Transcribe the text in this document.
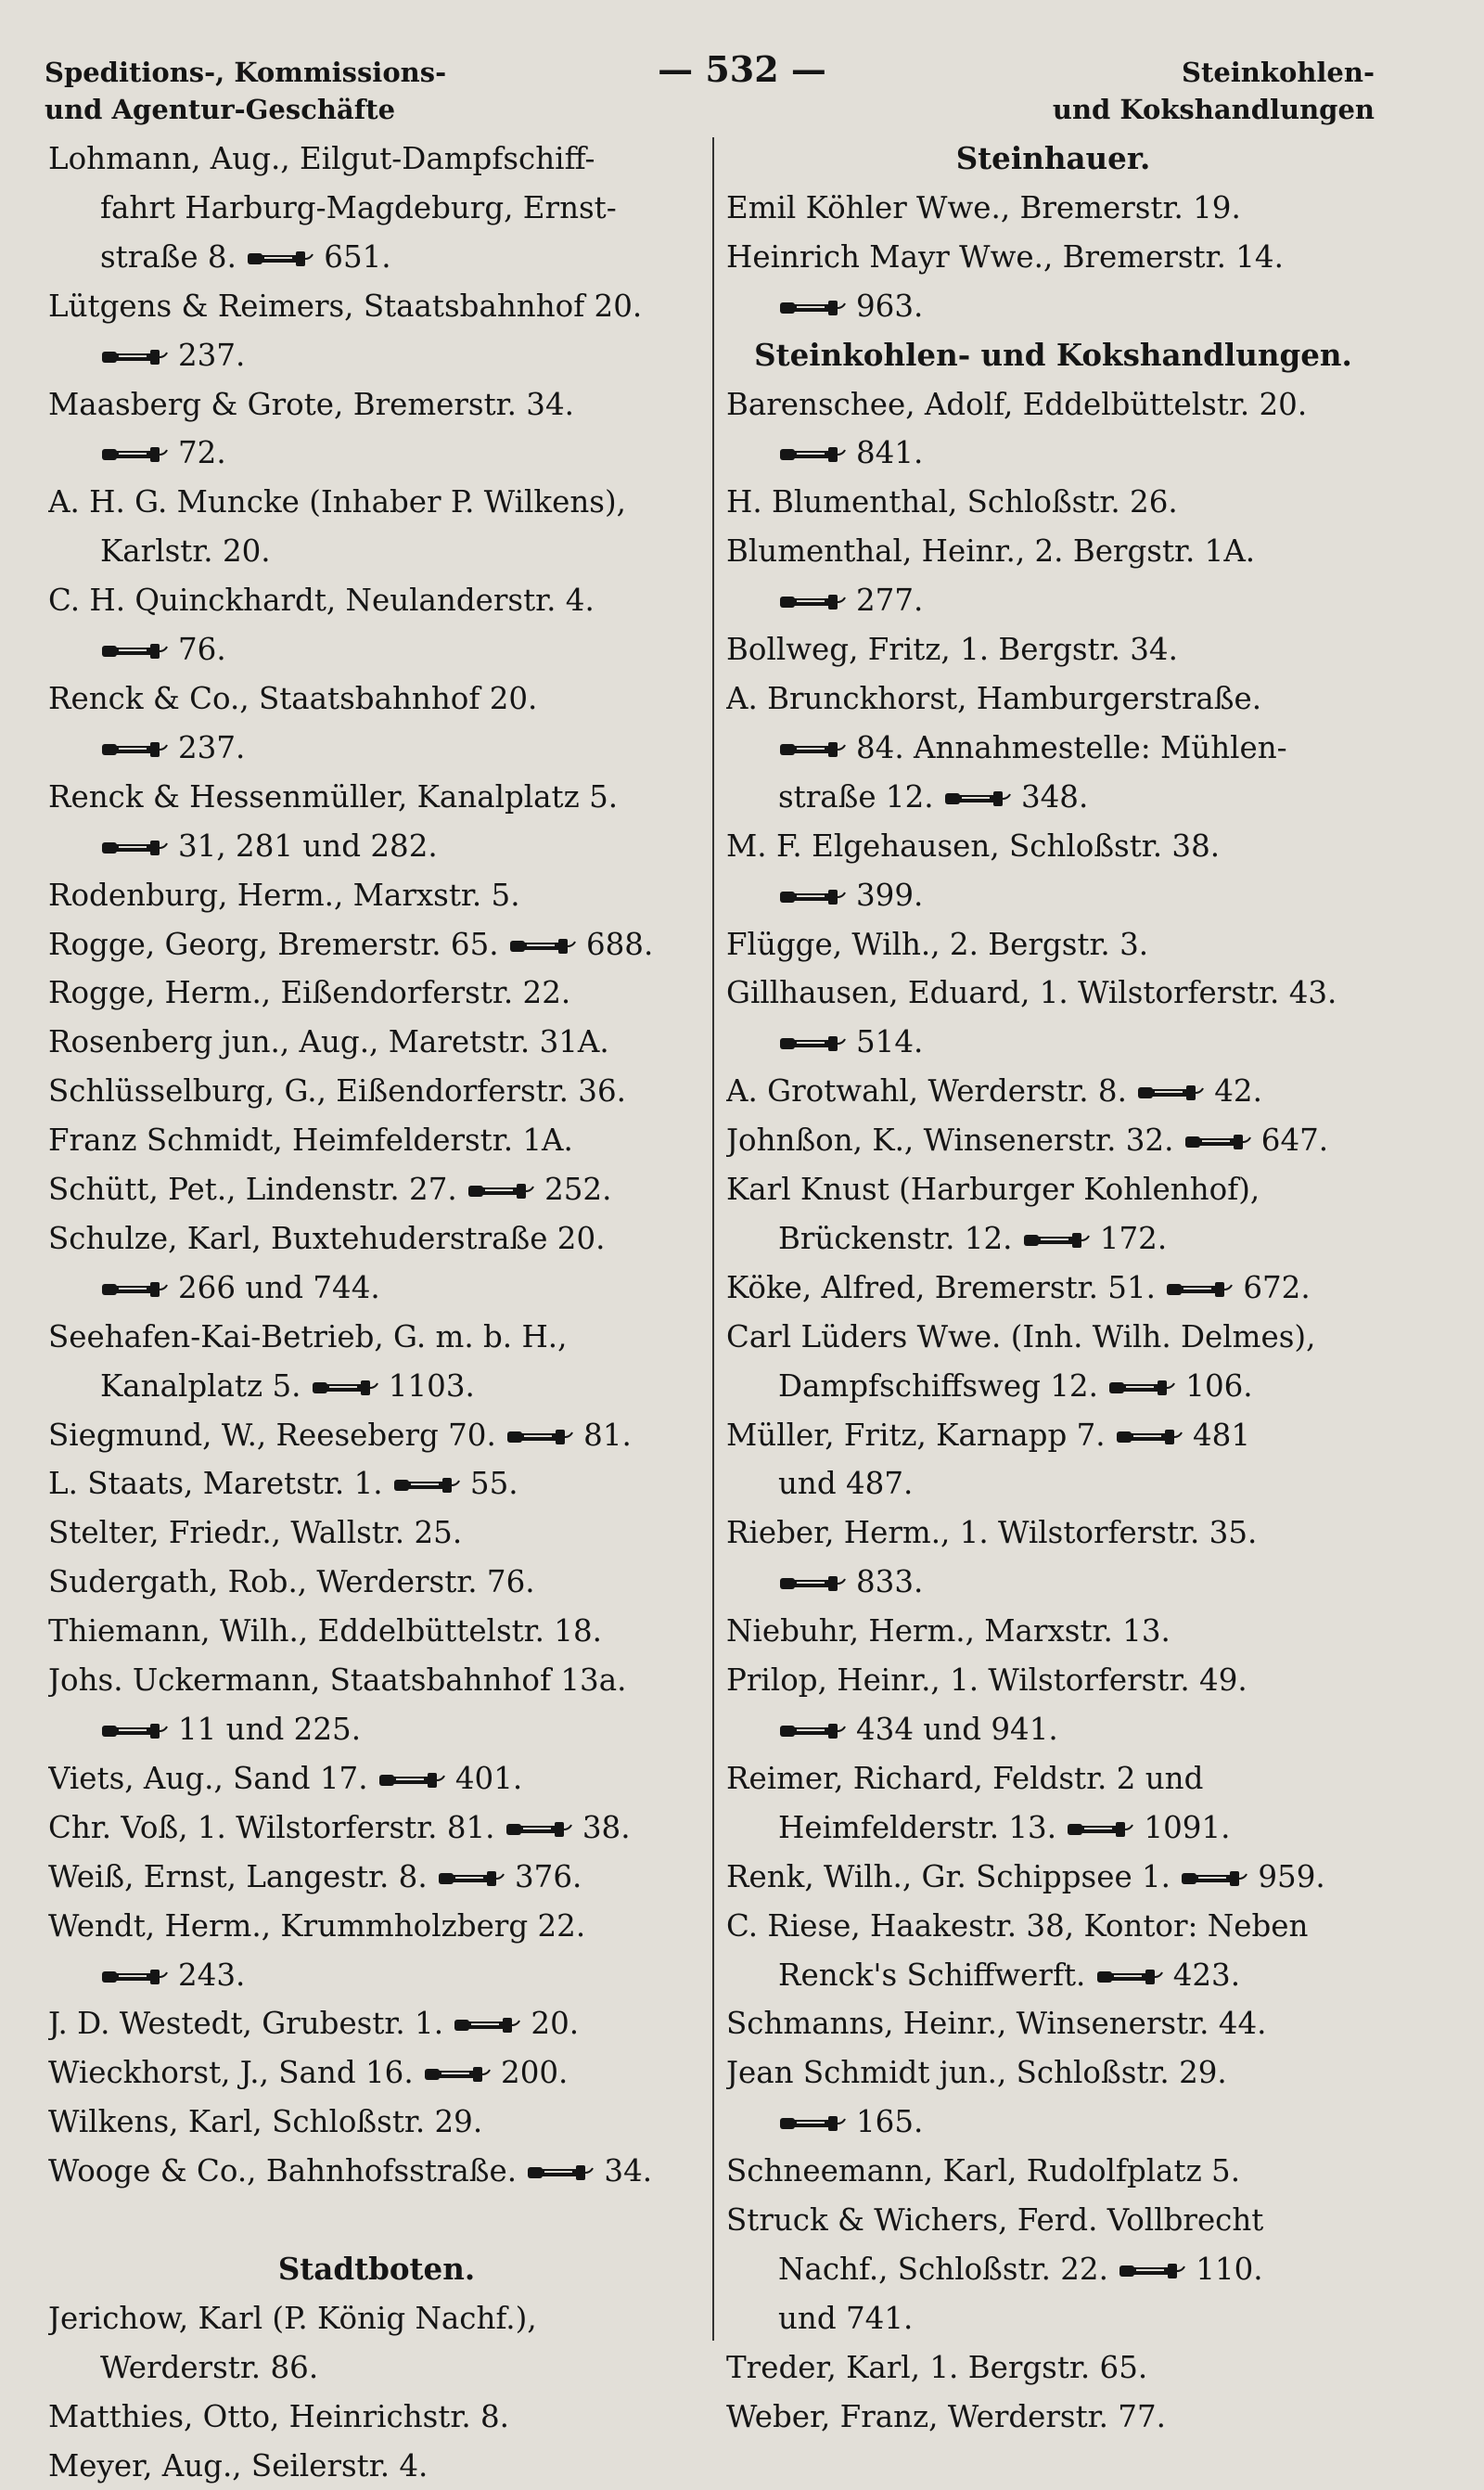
Speditions-, Kommissions-
und Agentur-Geschäfte
— 532 —	Steinkohlen-
und Kokshandlungen
Lohmann, Aug., Eilgut-Dampfschiff-
fahrt Harburg-Magdeburg, Ernst-
straße 8.	651.
Lütgens & Reimers, Staatsbahnhof 20.
237.
Maasberg & Grote, Bremerstr. 34.
72.
A. H. G. Muncke (Inhaber P. Wilkens),
Karlstr. 20.
C. H. Quinckhardt, Neulanderstr. 4.
76.
Renck & Co., Staatsbahnhof 20.
237.
Renck & Hessenmüller, Kanalplatz 5.
31, 281 und 282.
Rodenburg, Herm., Marxstr. 5.
Rogge, Georg, Bremerstr. 65.	688.
Rogge, Herm., Eißendorferstr. 22.
Rosenberg jun., Aug., Maretstr. 31A.
Schlüsselburg, G., Eißendorferstr. 36.
Franz Schmidt, Heimfelderstr. 1A.
Schütt, Pet., Lindenstr. 27.	252.
Schulze, Karl, Buxtehuderstraße 20.
266 und 744.
Seehafen-Kai-Betrieb, G. m. b. H.,
Kanalplatz 5.	1103.
Siegmund, W., Reeseberg 70.	81.
L. Staats, Maretstr. 1.	55.
Stelter, Friedr., Wallstr. 25.
Sudergath, Rob., Werderstr. 76.
Thiemann, Wilh., Eddelbüttelstr. 18.
Johs. Uckermann, Staatsbahnhof 13a.
11 und 225.
Viets, Aug., Sand 17.	401.
Chr. Voß, 1. Wilstorferstr. 81.	38.
Weiß, Ernst, Langestr. 8.	376.
Wendt, Herm., Krummholzberg 22.
243.
J. D. Westedt, Grubestr. 1.	20.
Wieckhorst, J., Sand 16.	200.
Wilkens, Karl, Schloßstr. 29.
Wooge & Co., Bahnhofsstraße.	34.
Stadtboten.
Jerichow, Karl (P. König Nachf.),
Werderstr. 86.
Matthies, Otto, Heinrichstr. 8.
Meyer, Aug., Seilerstr. 4.
Steinhauer.
Emil Köhler Wwe., Bremerstr. 19.
Heinrich Mayr Wwe., Bremerstr. 14.
963.
Steinkohlen- und Kokshandlungen.
Barenschee, Adolf, Eddelbüttelstr. 20.
841.
H. Blumenthal, Schloßstr. 26.
Blumenthal, Heinr., 2. Bergstr. 1A.
277.
Bollweg, Fritz, 1. Bergstr. 34.
A. Brunckhorst, Hamburgerstraße.
84. Annahmestelle: Mühlen-
straße 12.	348.
M. F. Elgehausen, Schloßstr. 38.
399.
Flügge, Wilh., 2. Bergstr. 3.
Gillhausen, Eduard, 1. Wilstorferstr. 43.
514.
A. Grotwahl, Werderstr. 8.	42.
Johnßon, K., Winsenerstr. 32.	647.
Karl Knust (Harburger Kohlenhof),
Brückenstr. 12.	172.
Köke, Alfred, Bremerstr. 51.	672.
Carl Lüders Wwe. (Inh. Wilh. Delmes),
Dampfschiffsweg 12.	106.
Müller, Fritz, Karnapp 7.	481
und 487.
Rieber, Herm., 1. Wilstorferstr. 35.
833.
Niebuhr, Herm., Marxstr. 13.
Prilop, Heinr., 1. Wilstorferstr. 49.
434 und 941.
Reimer, Richard, Feldstr. 2 und
Heimfelderstr. 13.	1091.
Renk, Wilh., Gr. Schippsee 1.	959.
C. Riese, Haakestr. 38, Kontor: Neben
Renck's Schiffwerft.	423.
Schmanns, Heinr., Winsenerstr. 44.
Jean Schmidt jun., Schloßstr. 29.
165.
Schneemann, Karl, Rudolfplatz 5.
Struck & Wichers, Ferd. Vollbrecht
Nachf., Schloßstr. 22.	110.
und 741.
Treder, Karl, 1. Bergstr. 65.
Weber, Franz, Werderstr. 77.
